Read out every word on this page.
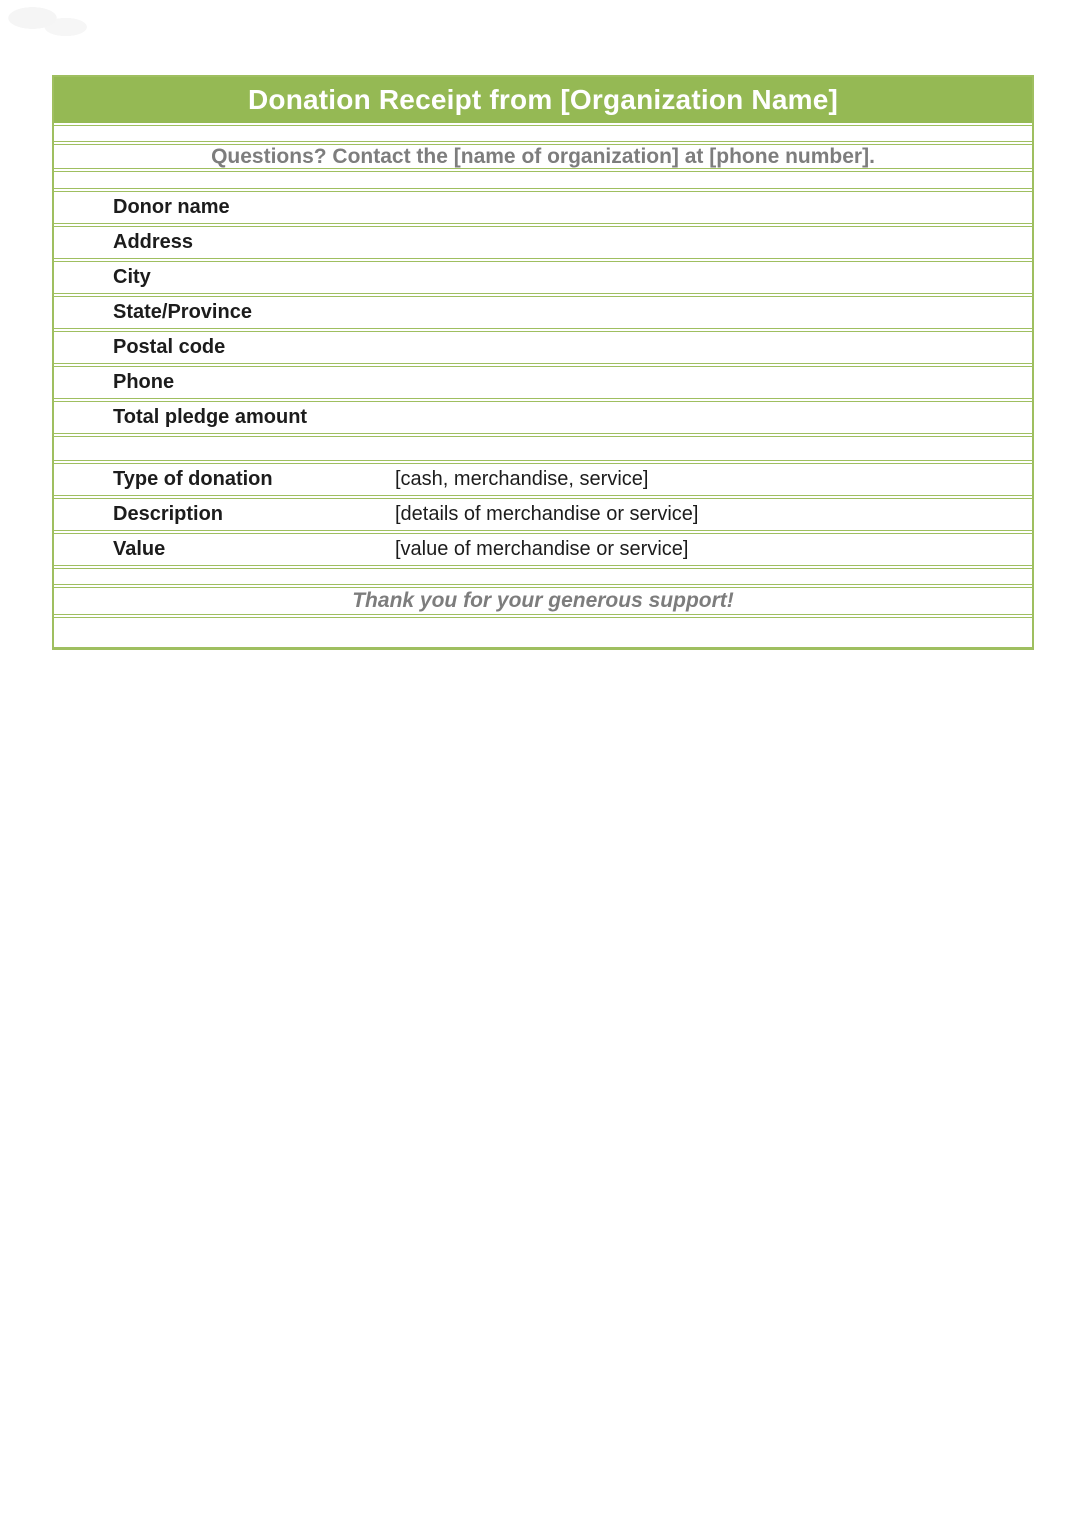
Donation Receipt from [Organization Name]
Questions? Contact the [name of organization] at [phone number].
Donor name
Address
City
State/Province
Postal code
Phone
Total pledge amount
Type of donation	[cash, merchandise, service]
Description	[details of merchandise or service]
Value	[value of merchandise or service]
Thank you for your generous support!
